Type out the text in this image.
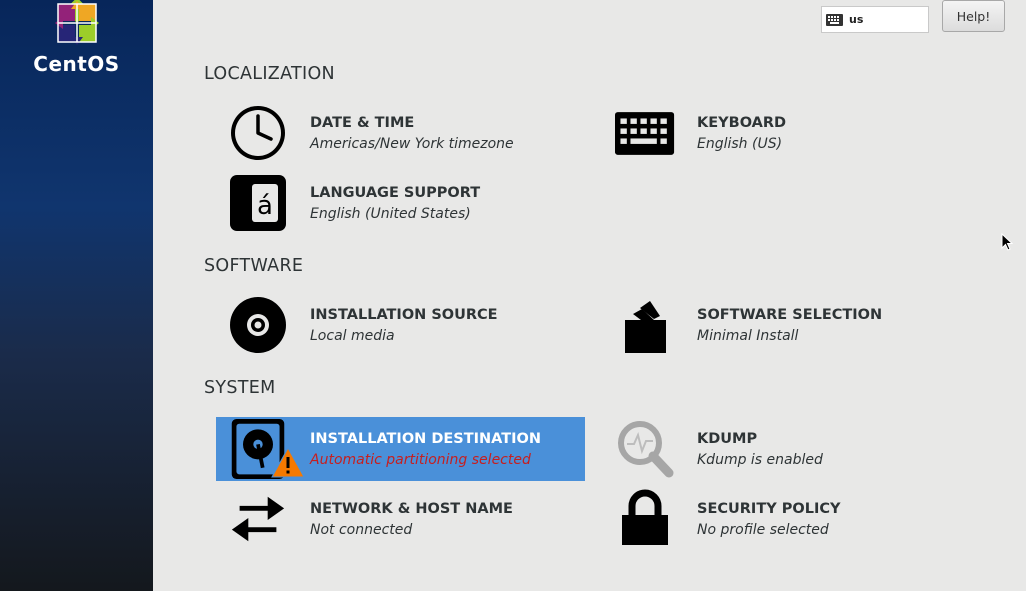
CentOS
us	Help!
LOCALIZATION
DATE & TIME
Americas/New York timezone
KEYBOARD
English (US)
á	LANGUAGE SUPPORT
English (United States)
SOFTWARE
INSTALLATION SOURCE
Local media
SOFTWARE SELECTION
Minimal Install
SYSTEM
INSTALLATION DESTINATION
Automatic partitioning selected
KDUMP
Kdump is enabled
NETWORK & HOST NAME
Not connected
SECURITY POLICY
No profile selected
